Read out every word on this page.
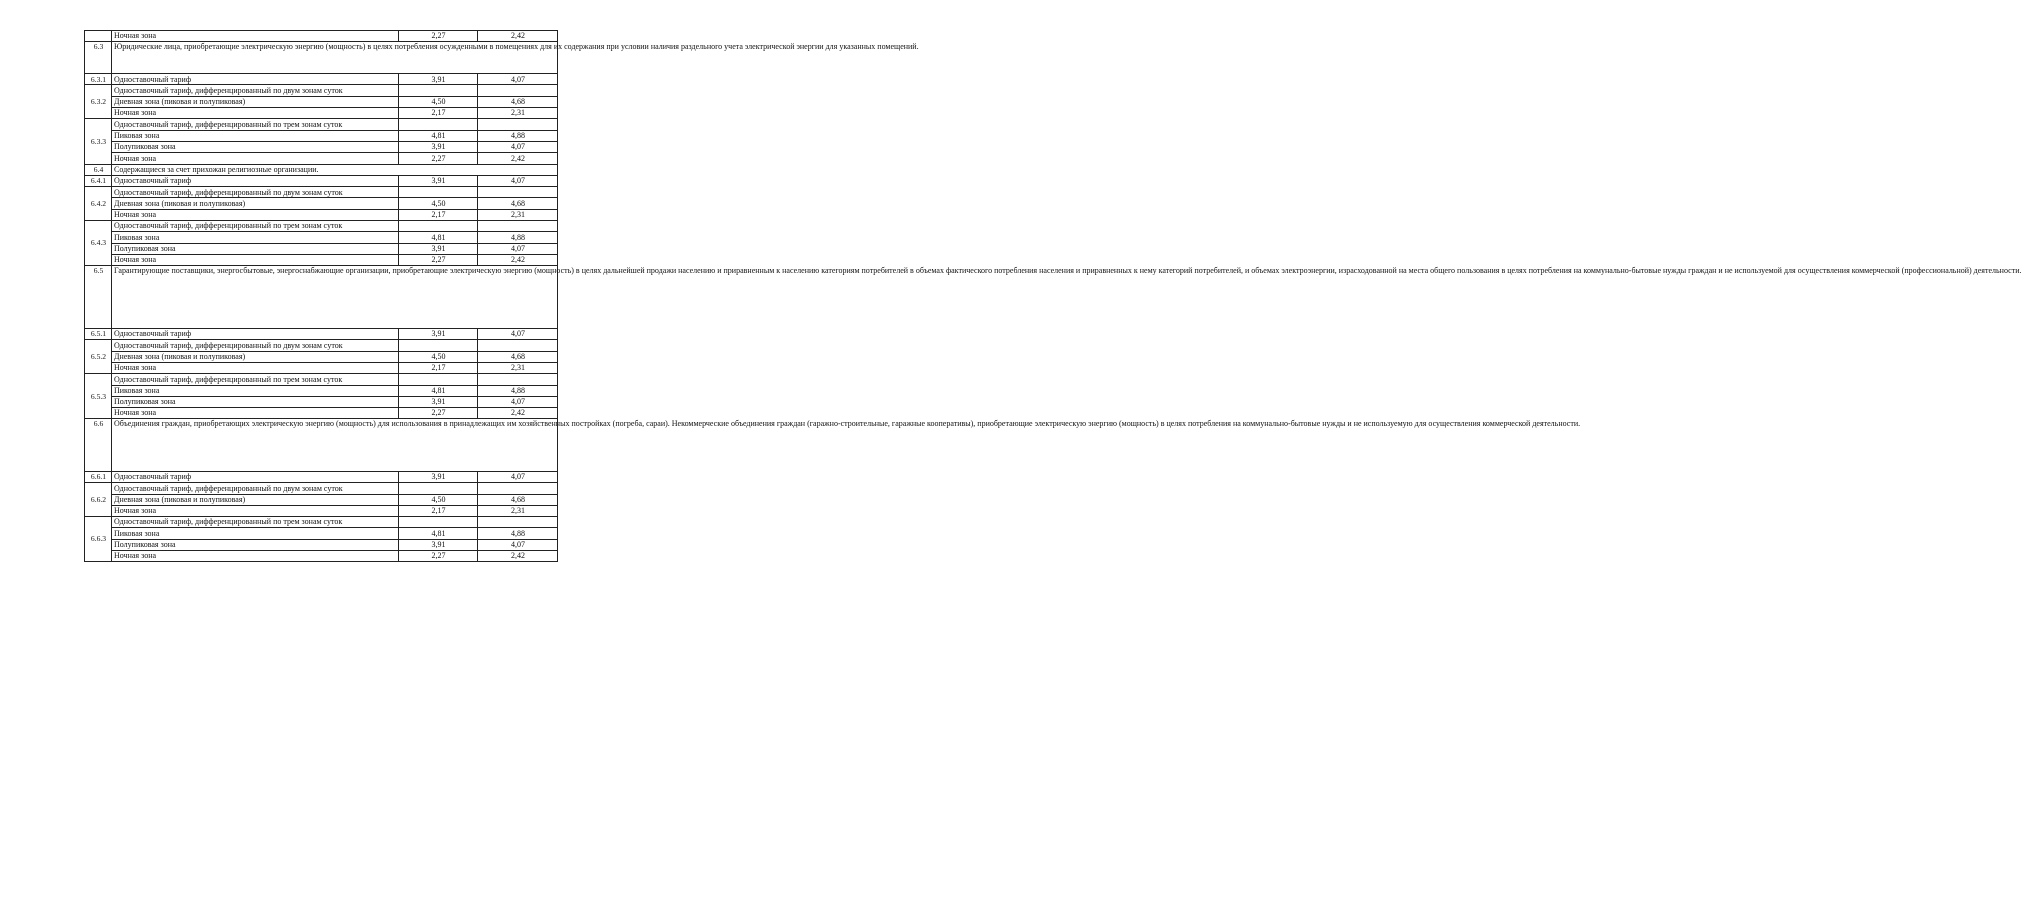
	Ночная зона	2,27	2,42
6.3	Юридические лица, приобретающие электрическую энергию (мощность) в целях потребления осужденными в помещениях для их содержания при условии наличия раздельного учета электрической энергии для указанных помещений.		
6.3.1	Одноставочный тариф	3,91	4,07
6.3.2	Одноставочный тариф, дифференцированный по двум зонам суток		
	Дневная зона (пиковая и полупиковая)	4,50	4,68
	Ночная зона	2,17	2,31
6.3.3	Одноставочный тариф, дифференцированный по трем зонам суток		
	Пиковая зона	4,81	4,88
	Полупиковая зона	3,91	4,07
	Ночная зона	2,27	2,42
6.4	Содержащиеся за счет прихожан религиозные организации.		
6.4.1	Одноставочный тариф	3,91	4,07
6.4.2	Одноставочный тариф, дифференцированный по двум зонам суток		
	Дневная зона (пиковая и полупиковая)	4,50	4,68
	Ночная зона	2,17	2,31
6.4.3	Одноставочный тариф, дифференцированный по трем зонам суток		
	Пиковая зона	4,81	4,88
	Полупиковая зона	3,91	4,07
	Ночная зона	2,27	2,42
6.5	Гарантирующие поставщики, энергосбытовые, энергоснабжающие организации, приобретающие электрическую энергию (мощность) в целях дальнейшей продажи населению и приравненным к населению категориям потребителей в объемах фактического потребления населения и приравненных к нему категорий потребителей, и объемах электроэнергии, израсходованной на места общего пользования в целях потребления на коммунально-бытовые нужды граждан и не используемой для осуществления коммерческой (профессиональной) деятельности.		
6.5.1	Одноставочный тариф	3,91	4,07
6.5.2	Одноставочный тариф, дифференцированный по двум зонам суток		
	Дневная зона (пиковая и полупиковая)	4,50	4,68
	Ночная зона	2,17	2,31
6.5.3	Одноставочный тариф, дифференцированный по трем зонам суток		
	Пиковая зона	4,81	4,88
	Полупиковая зона	3,91	4,07
	Ночная зона	2,27	2,42
6.6	Объединения граждан, приобретающих электрическую энергию (мощность) для использования в принадлежащих им хозяйственных постройках (погреба, сараи). Некоммерческие объединения граждан (гаражно-строительные, гаражные кооперативы), приобретающие электрическую энергию (мощность) в целях потребления на коммунально-бытовые нужды и не используемую для осуществления коммерческой деятельности.		
6.6.1	Одноставочный тариф	3,91	4,07
6.6.2	Одноставочный тариф, дифференцированный по двум зонам суток		
	Дневная зона (пиковая и полупиковая)	4,50	4,68
	Ночная зона	2,17	2,31
6.6.3	Одноставочный тариф, дифференцированный по трем зонам суток		
	Пиковая зона	4,81	4,88
	Полупиковая зона	3,91	4,07
	Ночная зона	2,27	2,42
